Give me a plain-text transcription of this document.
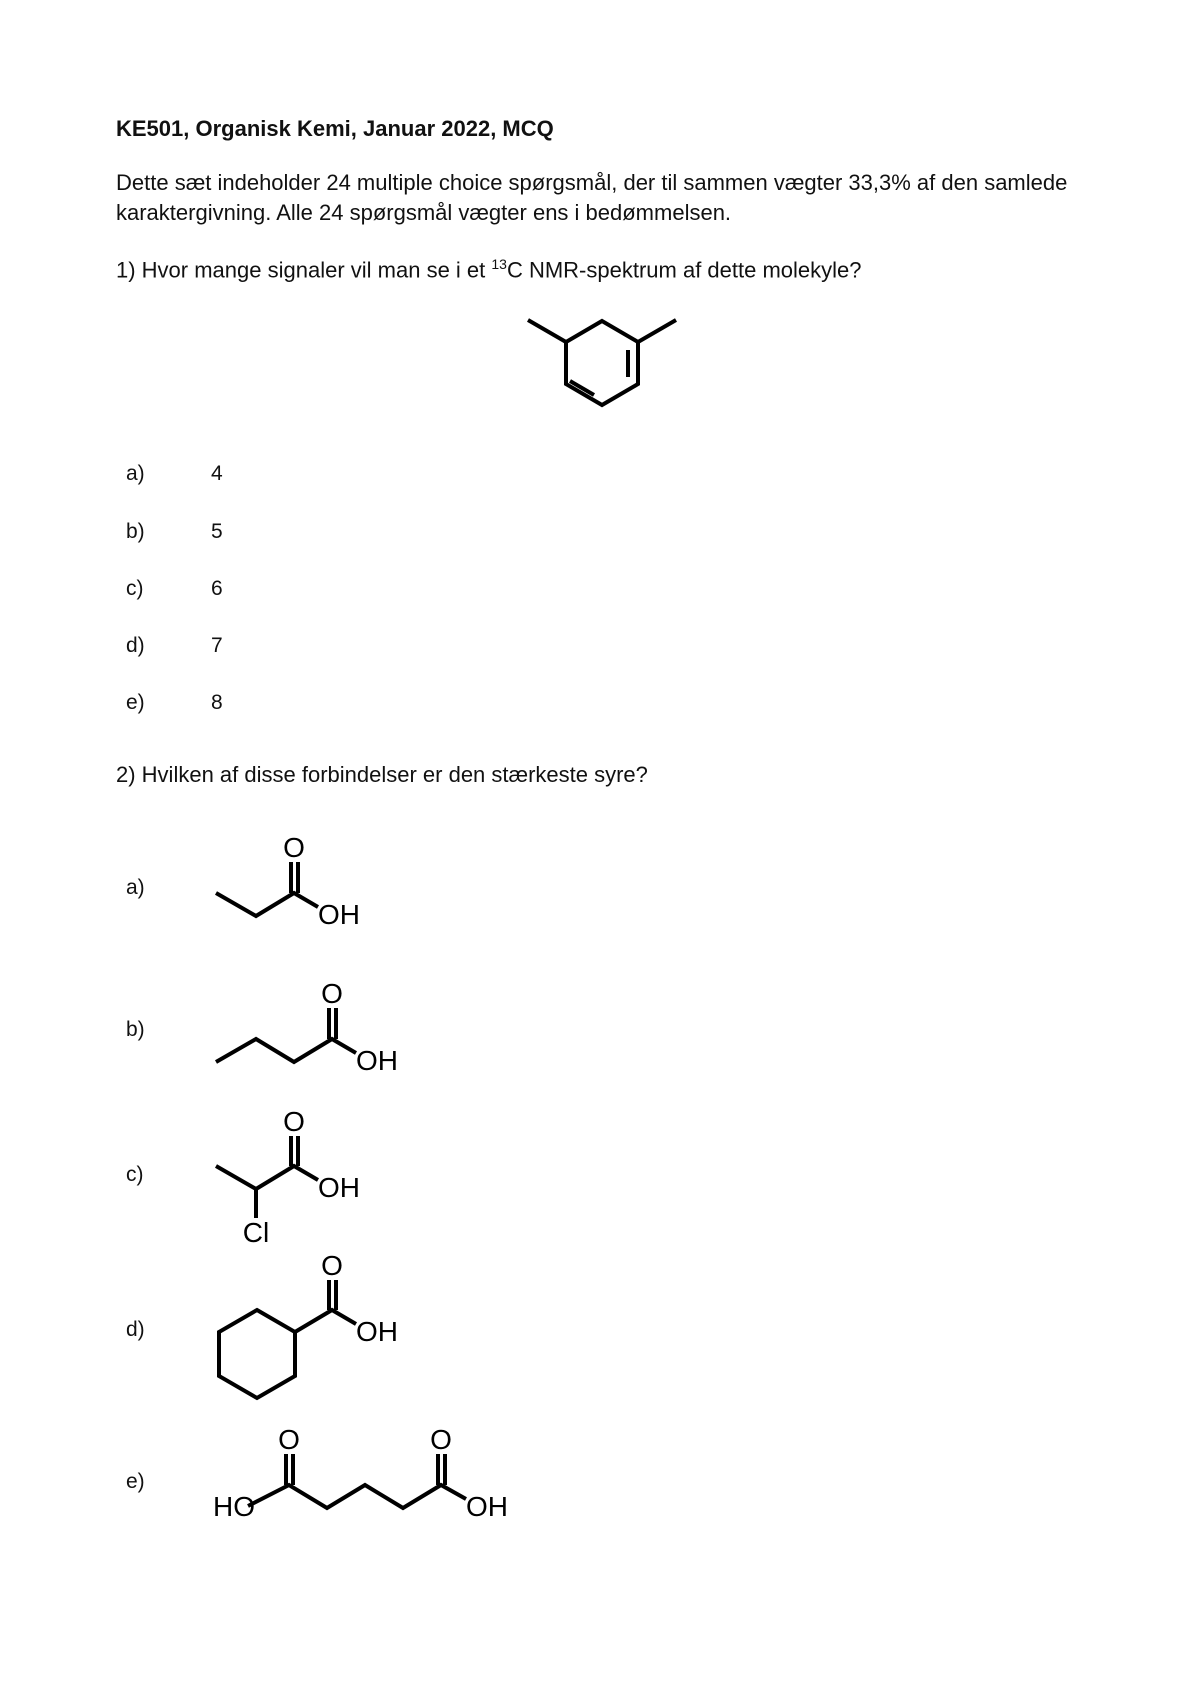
KE501, Organisk Kemi, Januar 2022, MCQ
Dette sæt indeholder 24 multiple choice spørgsmål, der til sammen vægter 33,3% af den samlede karaktergivning. Alle 24 spørgsmål vægter ens i bedømmelsen.
1) Hvor mange signaler vil man se i et $^{13}$C NMR-spektrum af dette molekyle?
a)	4
b)	5
c)	6
d)	7
e)	8
2) Hvilken af disse forbindelser er den stærkeste syre?
a)
O
OH
b)
O
OH
c)
O
OH
Cl
d)
O
OH
e)
O	O
HO	OH
